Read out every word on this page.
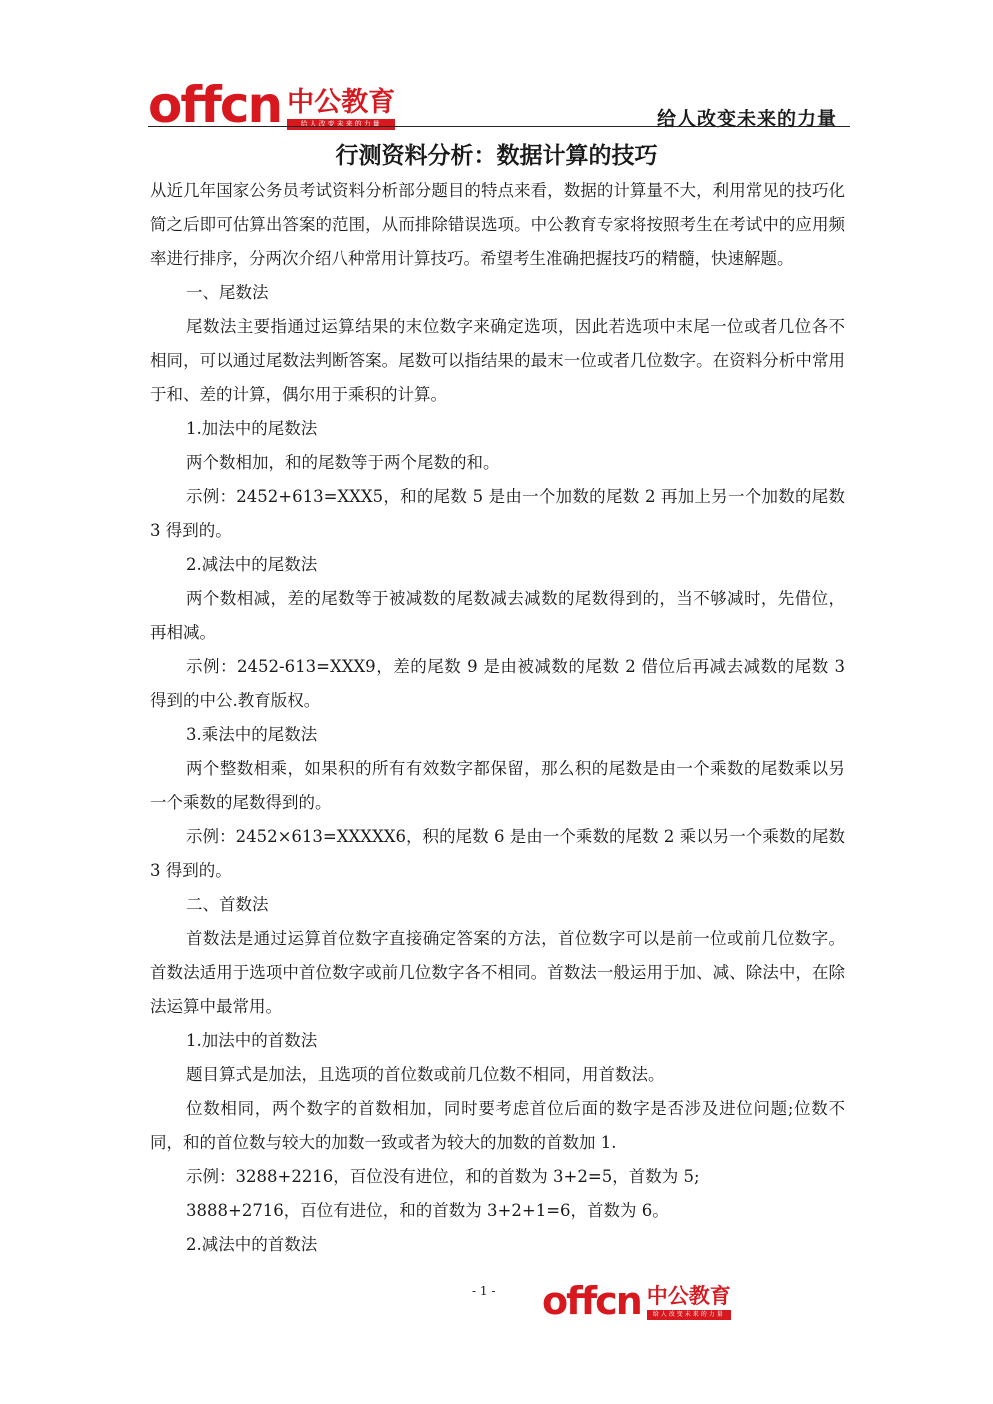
offcn 中公教育
给人改变未来的力量	给人改变未来的力量
行测资料分析：数据计算的技巧

从近几年国家公务员考试资料分析部分题目的特点来看，数据的计算量不大，利用常见的技巧化简之后即可估算出答案的范围，从而排除错误选项。中公教育专家将按照考生在考试中的应用频率进行排序，分两次介绍八种常用计算技巧。希望考生准确把握技巧的精髓，快速解题。

一、尾数法

尾数法主要指通过运算结果的末位数字来确定选项，因此若选项中末尾一位或者几位各不相同，可以通过尾数法判断答案。尾数可以指结果的最末一位或者几位数字。在资料分析中常用于和、差的计算，偶尔用于乘积的计算。

1.加法中的尾数法

两个数相加，和的尾数等于两个尾数的和。

示例：2452+613=XXX5，和的尾数 5 是由一个加数的尾数 2 再加上另一个加数的尾数 3 得到的。

2.减法中的尾数法

两个数相减，差的尾数等于被减数的尾数减去减数的尾数得到的，当不够减时，先借位，再相减。

示例：2452-613=XXX9，差的尾数 9 是由被减数的尾数 2 借位后再减去减数的尾数 3 得到的中公.教育版权。

3.乘法中的尾数法

两个整数相乘，如果积的所有有效数字都保留，那么积的尾数是由一个乘数的尾数乘以另一个乘数的尾数得到的。

示例：2452×613=XXXXX6，积的尾数 6 是由一个乘数的尾数 2 乘以另一个乘数的尾数 3 得到的。

二、首数法

首数法是通过运算首位数字直接确定答案的方法，首位数字可以是前一位或前几位数字。首数法适用于选项中首位数字或前几位数字各不相同。首数法一般运用于加、减、除法中，在除法运算中最常用。

1.加法中的首数法

题目算式是加法，且选项的首位数或前几位数不相同，用首数法。

位数相同，两个数字的首数相加，同时要考虑首位后面的数字是否涉及进位问题;位数不同，和的首位数与较大的加数一致或者为较大的加数的首数加 1.

示例：3288+2216，百位没有进位，和的首数为 3+2=5，首数为 5;

3888+2716，百位有进位，和的首数为 3+2+1=6，首数为 6。

2.减法中的首数法

- 1 - offcn 中公教育
给人改变未来的力量
